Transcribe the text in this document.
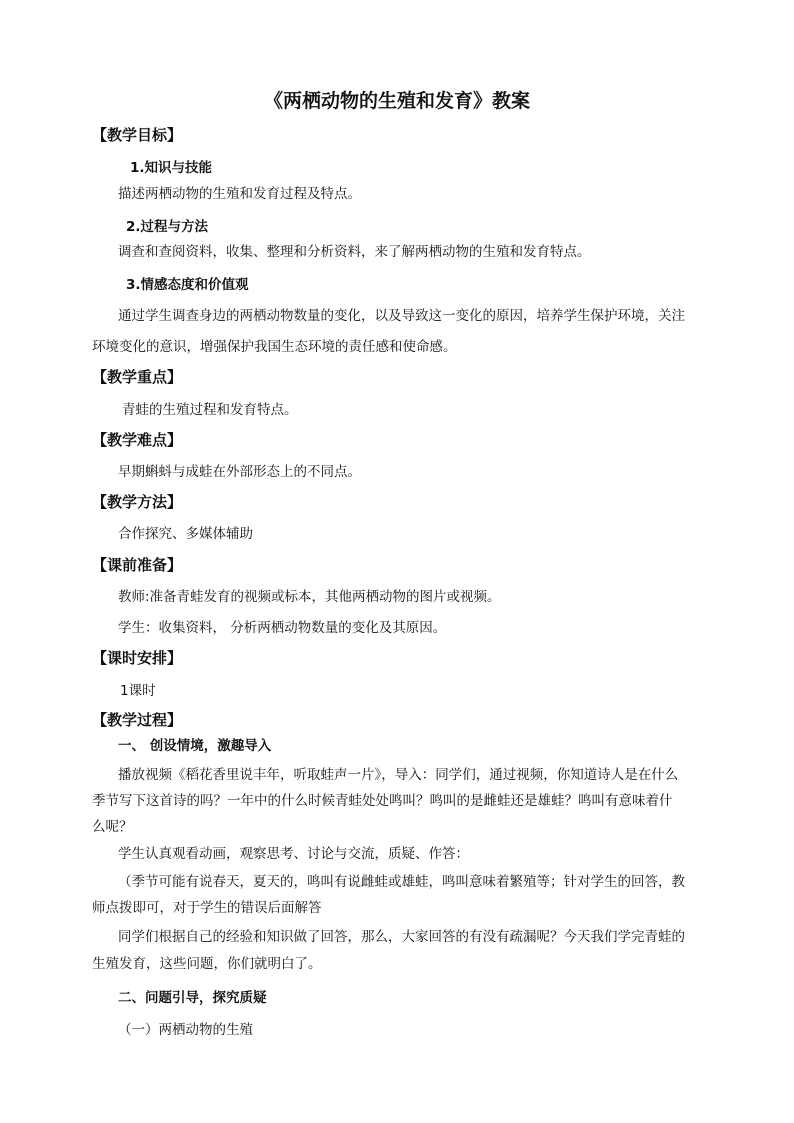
《两栖动物的生殖和发育》教案
【教学目标】
1.知识与技能
描述两栖动物的生殖和发育过程及特点。
2.过程与方法
调查和查阅资料，收集、整理和分析资料，来了解两栖动物的生殖和发育特点。
3.情感态度和价值观
通过学生调查身边的两栖动物数量的变化，以及导致这一变化的原因，培养学生保护环境，关注
环境变化的意识，增强保护我国生态环境的责任感和使命感。
【教学重点】
青蛙的生殖过程和发育特点。
【教学难点】
早期蝌蚪与成蛙在外部形态上的不同点。
【教学方法】
合作探究、多媒体辅助
【课前准备】
教师:准备青蛙发育的视频或标本，其他两栖动物的图片或视频。
学生：收集资料， 分析两栖动物数量的变化及其原因。
【课时安排】
1课时
【教学过程】
一、 创设情境，激趣导入
播放视频《稻花香里说丰年，听取蛙声一片》，导入：同学们，通过视频，你知道诗人是在什么
季节写下这首诗的吗？一年中的什么时候青蛙处处鸣叫？鸣叫的是雌蛙还是雄蛙？鸣叫有意味着什
么呢？
学生认真观看动画，观察思考、讨论与交流，质疑、作答：
（季节可能有说春天，夏天的，鸣叫有说雌蛙或雄蛙，鸣叫意味着繁殖等；针对学生的回答，教
师点拨即可，对于学生的错误后面解答
同学们根据自己的经验和知识做了回答，那么，大家回答的有没有疏漏呢？今天我们学完青蛙的
生殖发育，这些问题，你们就明白了。
二、问题引导，探究质疑
（一）两栖动物的生殖
